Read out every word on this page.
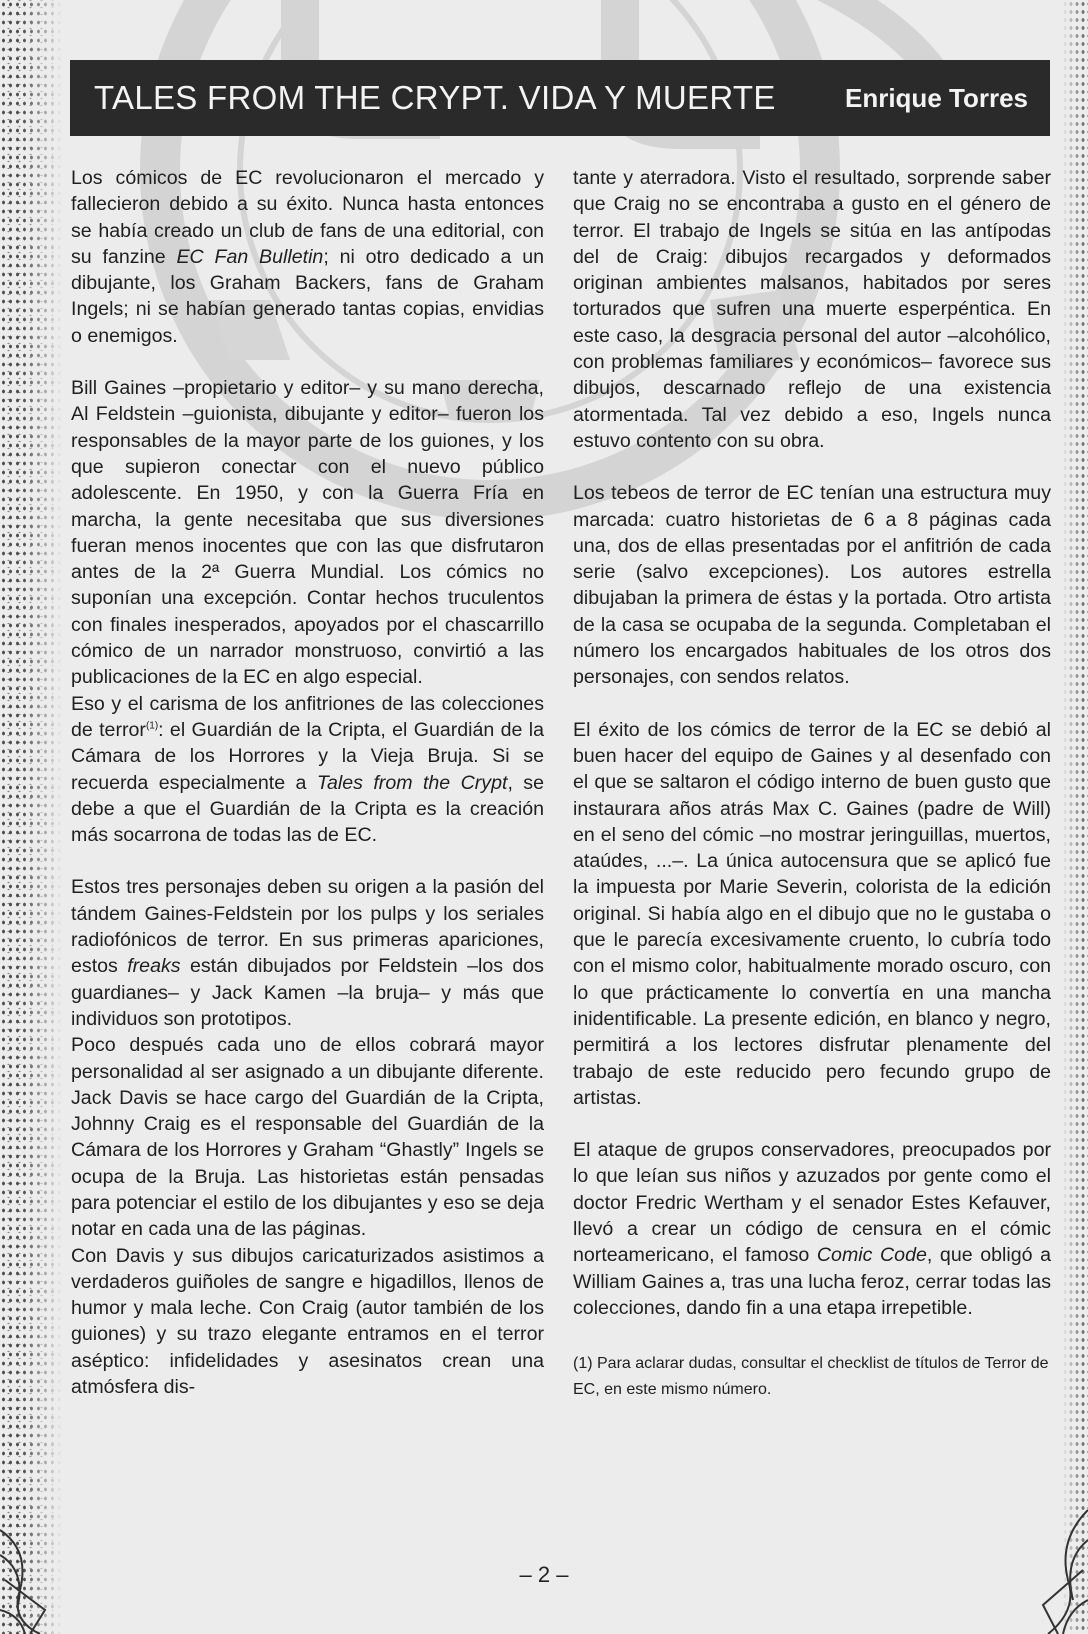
TALES FROM THE CRYPT. VIDA Y MUERTE	Enrique Torres

Los cómicos de EC revolucionaron el mercado y fallecieron debido a su éxito. Nunca hasta entonces se había creado un club de fans de una editorial, con su fanzine EC Fan Bulletin; ni otro dedicado a un dibujante, los Graham Backers, fans de Graham Ingels; ni se habían generado tantas copias, envidias o enemigos.

Bill Gaines –propietario y editor– y su mano derecha, Al Feldstein –guionista, dibujante y editor– fueron los responsables de la mayor parte de los guiones, y los que supieron conectar con el nuevo público adolescente. En 1950, y con la Guerra Fría en marcha, la gente necesitaba que sus diversiones fueran menos inocentes que con las que disfrutaron antes de la 2ª Guerra Mundial. Los cómics no suponían una excepción. Contar hechos truculentos con finales inesperados, apoyados por el chascarrillo cómico de un narrador monstruoso, convirtió a las publicaciones de la EC en algo especial.

Eso y el carisma de los anfitriones de las colecciones de terror$^{(1)}$: el Guardián de la Cripta, el Guardián de la Cámara de los Horrores y la Vieja Bruja. Si se recuerda especialmente a Tales from the Crypt, se debe a que el Guardián de la Cripta es la creación más socarrona de todas las de EC.

Estos tres personajes deben su origen a la pasión del tándem Gaines-Feldstein por los pulps y los seriales radiofónicos de terror. En sus primeras apariciones, estos freaks están dibujados por Feldstein –los dos guardianes– y Jack Kamen –la bruja– y más que individuos son prototipos.

Poco después cada uno de ellos cobrará mayor personalidad al ser asignado a un dibujante diferente. Jack Davis se hace cargo del Guardián de la Cripta, Johnny Craig es el responsable del Guardián de la Cámara de los Horrores y Graham “Ghastly” Ingels se ocupa de la Bruja. Las historietas están pensadas para potenciar el estilo de los dibujantes y eso se deja notar en cada una de las páginas.

Con Davis y sus dibujos caricaturizados asistimos a verdaderos guiñoles de sangre e higadillos, llenos de humor y mala leche. Con Craig (autor también de los guiones) y su trazo elegante entramos en el terror aséptico: infidelidades y asesinatos crean una atmósfera dis-

tante y aterradora. Visto el resultado, sorprende saber que Craig no se encontraba a gusto en el género de terror. El trabajo de Ingels se sitúa en las antípodas del de Craig: dibujos recargados y deformados originan ambientes malsanos, habitados por seres torturados que sufren una muerte esperpéntica. En este caso, la desgracia personal del autor –alcohólico, con problemas familiares y económicos– favorece sus dibujos, descarnado reflejo de una existencia atormentada. Tal vez debido a eso, Ingels nunca estuvo contento con su obra.

Los tebeos de terror de EC tenían una estructura muy marcada: cuatro historietas de 6 a 8 páginas cada una, dos de ellas presentadas por el anfitrión de cada serie (salvo excepciones). Los autores estrella dibujaban la primera de éstas y la portada. Otro artista de la casa se ocupaba de la segunda. Completaban el número los encargados habituales de los otros dos personajes, con sendos relatos.

El éxito de los cómics de terror de la EC se debió al buen hacer del equipo de Gaines y al desenfado con el que se saltaron el código interno de buen gusto que instaurara años atrás Max C. Gaines (padre de Will) en el seno del cómic –no mostrar jeringuillas, muertos, ataúdes, ...–. La única autocensura que se aplicó fue la impuesta por Marie Severin, colorista de la edición original. Si había algo en el dibujo que no le gustaba o que le parecía excesivamente cruento, lo cubría todo con el mismo color, habitualmente morado oscuro, con lo que prácticamente lo convertía en una mancha inidentificable. La presente edición, en blanco y negro, permitirá a los lectores disfrutar plenamente del trabajo de este reducido pero fecundo grupo de artistas.

El ataque de grupos conservadores, preocupados por lo que leían sus niños y azuzados por gente como el doctor Fredric Wertham y el senador Estes Kefauver, llevó a crear un código de censura en el cómic norteamericano, el famoso Comic Code, que obligó a William Gaines a, tras una lucha feroz, cerrar todas las colecciones, dando fin a una etapa irrepetible.

(1) Para aclarar dudas, consultar el checklist de títulos de Terror de EC, en este mismo número.

– 2 –
